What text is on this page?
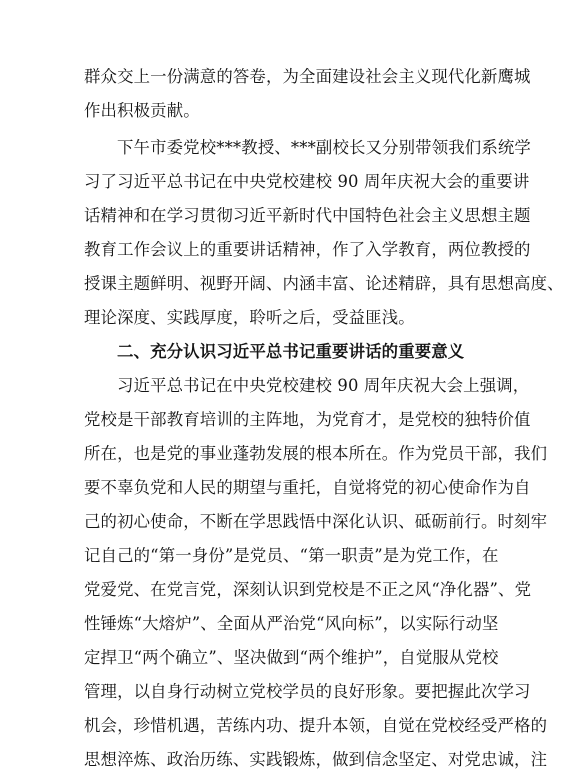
群众交上一份满意的答卷，为全面建设社会主义现代化新鹰城
作出积极贡献。
下午市委党校***教授、***副校长又分别带领我们系统学
习了习近平总书记在中央党校建校 90 周年庆祝大会的重要讲
话精神和在学习贯彻习近平新时代中国特色社会主义思想主题
教育工作会议上的重要讲话精神，作了入学教育，两位教授的
授课主题鲜明、视野开阔、内涵丰富、论述精辟，具有思想高度、
理论深度、实践厚度，聆听之后，受益匪浅。
二、充分认识习近平总书记重要讲话的重要意义
习近平总书记在中央党校建校 90 周年庆祝大会上强调，
党校是干部教育培训的主阵地，为党育才，是党校的独特价值
所在，也是党的事业蓬勃发展的根本所在。作为党员干部，我们
要不辜负党和人民的期望与重托，自觉将党的初心使命作为自
己的初心使命，不断在学思践悟中深化认识、砥砺前行。时刻牢
记自己的“第一身份”是党员、“第一职责”是为党工作，在
党爱党、在党言党，深刻认识到党校是不正之风“净化器”、党
性锤炼“大熔炉”、全面从严治党“风向标”，以实际行动坚
定捍卫“两个确立”、坚决做到“两个维护”，自觉服从党校
管理，以自身行动树立党校学员的良好形象。要把握此次学习
机会，珍惜机遇，苦练内功、提升本领，自觉在党校经受严格的
思想淬炼、政治历练、实践锻炼，做到信念坚定、对党忠诚，注
